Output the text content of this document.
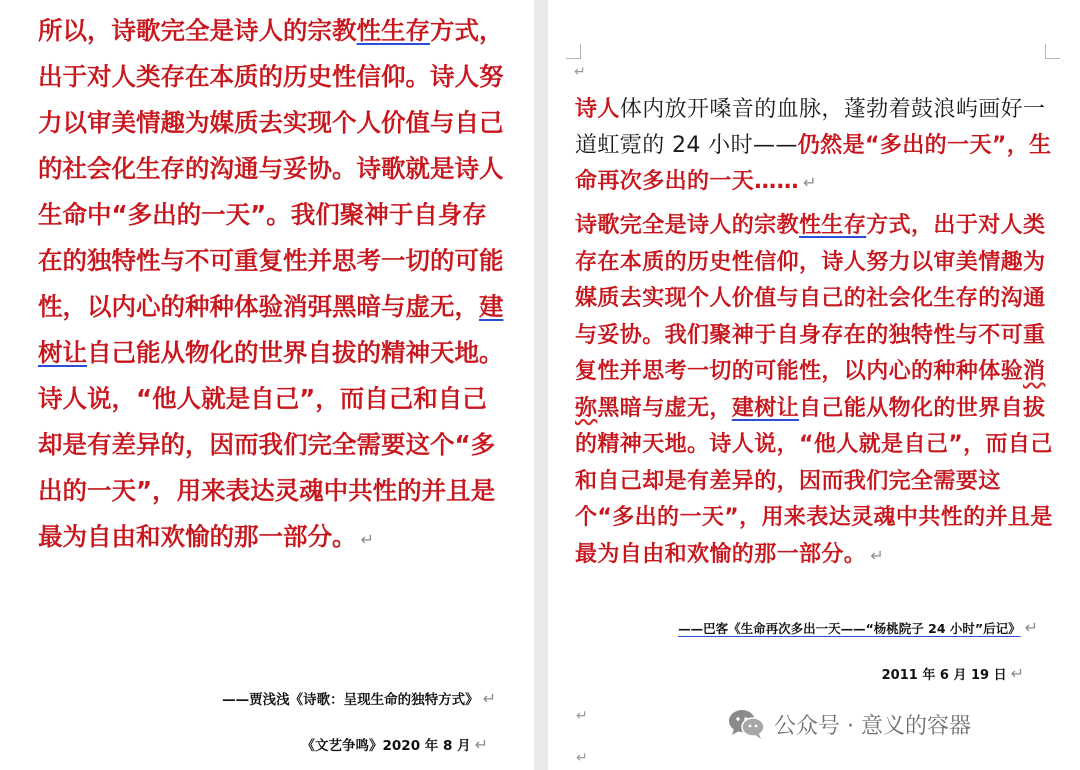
所以，诗歌完全是诗人的宗教性生存方式，出于对人类存在本质的历史性信仰。诗人努力以审美情趣为媒质去实现个人价值与自己的社会化生存的沟通与妥协。诗歌就是诗人生命中“多出的一天”。我们聚神于自身存在的独特性与不可重复性并思考一切的可能性，以内心的种种体验消弭黑暗与虚无，建树让自己能从物化的世界自拔的精神天地。诗人说，“他人就是自己”，而自己和自己却是有差异的，因而我们完全需要这个“多出的一天”，用来表达灵魂中共性的并且是最为自由和欢愉的那一部分。 ↵

——贾浅浅《诗歌：呈现生命的独特方式》 ↵

《文艺争鸣》2020 年 8 月 ↵

↵

诗人体内放开嗓音的血脉，蓬勃着鼓浪屿画好一道虹霓的 24 小时——仍然是“多出的一天”，生命再次多出的一天…… ↵

诗歌完全是诗人的宗教性生存方式，出于对人类存在本质的历史性信仰，诗人努力以审美情趣为媒质去实现个人价值与自己的社会化生存的沟通与妥协。我们聚神于自身存在的独特性与不可重复性并思考一切的可能性，以内心的种种体验消弥黑暗与虚无，建树让自己能从物化的世界自拔的精神天地。诗人说，“他人就是自己”，而自己和自己却是有差异的，因而我们完全需要这个“多出的一天”，用来表达灵魂中共性的并且是最为自由和欢愉的那一部分。 ↵

——巴客《生命再次多出一天——“杨桃院子 24 小时”后记》 ↵

2011 年 6 月 19 日 ↵

↵
↵
公众号 · 意义的容器
